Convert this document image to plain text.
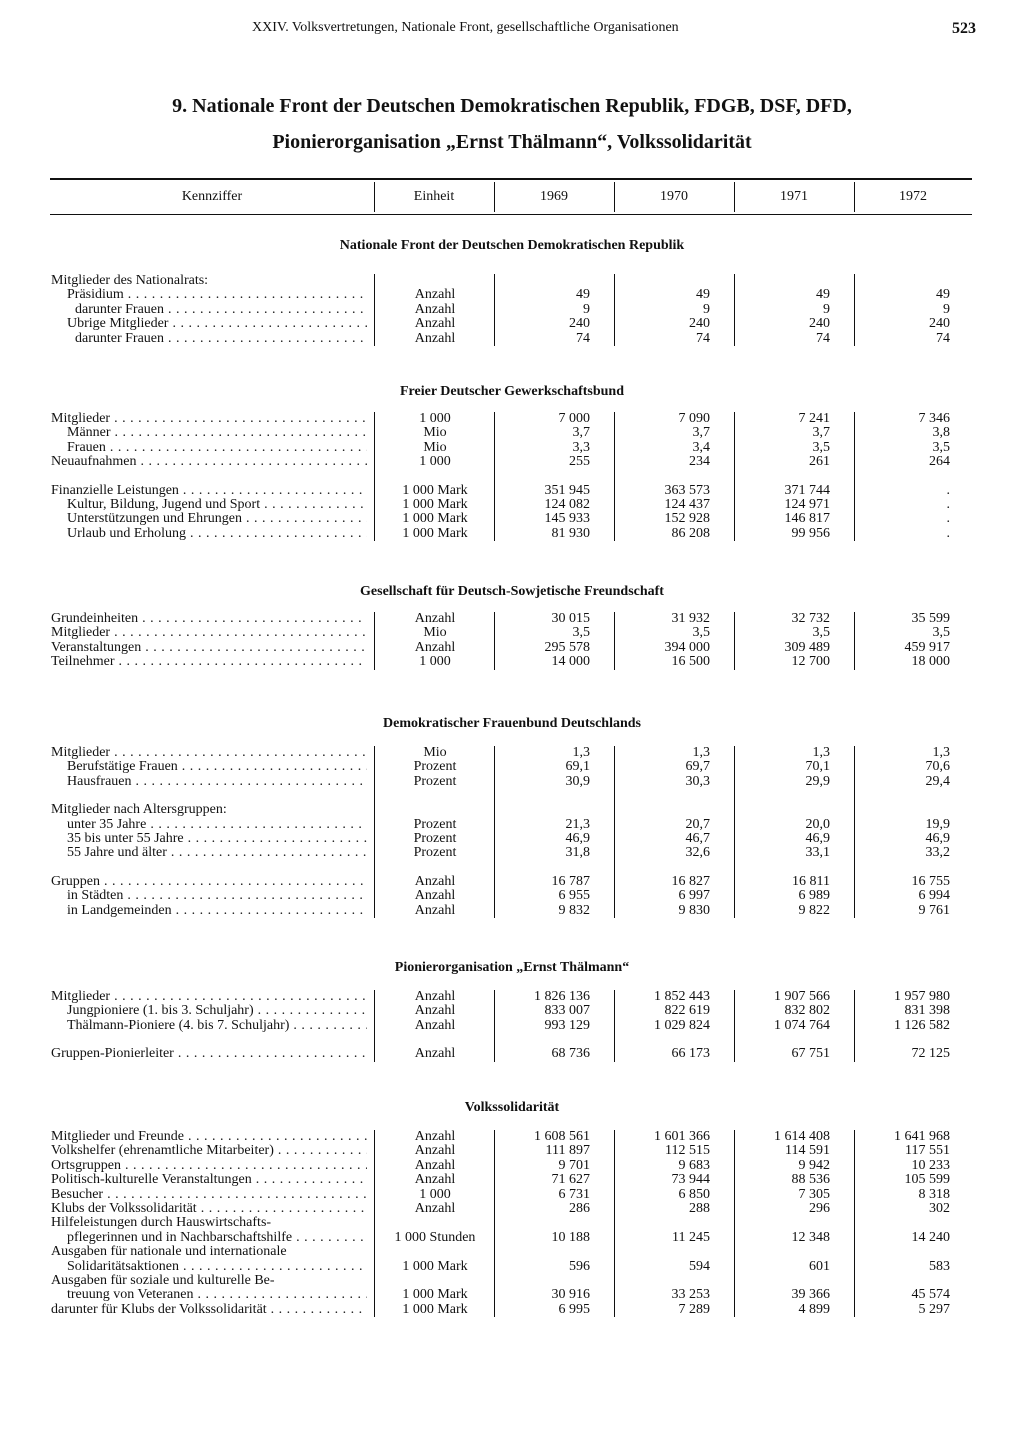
XXIV. Volksvertretungen, Nationale Front, gesellschaftliche Organisationen	523
9. Nationale Front der Deutschen Demokratischen Republik, FDGB, DSF, DFD,
Pionierorganisation „Ernst Thälmann“, Volkssolidarität
Kennziffer	Einheit	1969	1970	1971	1972
Nationale Front der Deutschen Demokratischen Republik
Mitglieder des Nationalrats:
Präsidium . . .	Anzahl	49	49	49	49
darunter Frauen . . .	Anzahl	9	9	9	9
Übrige Mitglieder . . .	Anzahl	240	240	240	240
darunter Frauen . . .	Anzahl	74	74	74	74
Freier Deutscher Gewerkschaftsbund
Mitglieder . . .	1 000	7 000	7 090	7 241	7 346
Männer . . .	Mio	3,7	3,7	3,7	3,8
Frauen . . .	Mio	3,3	3,4	3,5	3,5
Neuaufnahmen . . .	1 000	255	234	261	264
Finanzielle Leistungen . . .	1 000 Mark	351 945	363 573	371 744	.
Kultur, Bildung, Jugend und Sport . . .	1 000 Mark	124 082	124 437	124 971	.
Unterstützungen und Ehrungen . . .	1 000 Mark	145 933	152 928	146 817	.
Urlaub und Erholung . . .	1 000 Mark	81 930	86 208	99 956	.
Gesellschaft für Deutsch-Sowjetische Freundschaft
Grundeinheiten . . .	Anzahl	30 015	31 932	32 732	35 599
Mitglieder . . .	Mio	3,5	3,5	3,5	3,5
Veranstaltungen . . .	Anzahl	295 578	394 000	309 489	459 917
Teilnehmer . . .	1 000	14 000	16 500	12 700	18 000
Demokratischer Frauenbund Deutschlands
Mitglieder . . .	Mio	1,3	1,3	1,3	1,3
Berufstätige Frauen . . .	Prozent	69,1	69,7	70,1	70,6
Hausfrauen . . .	Prozent	30,9	30,3	29,9	29,4
Mitglieder nach Altersgruppen:
unter 35 Jahre . . .	Prozent	21,3	20,7	20,0	19,9
35 bis unter 55 Jahre . . .	Prozent	46,9	46,7	46,9	46,9
55 Jahre und älter . . .	Prozent	31,8	32,6	33,1	33,2
Gruppen . . .	Anzahl	16 787	16 827	16 811	16 755
in Städten . . .	Anzahl	6 955	6 997	6 989	6 994
in Landgemeinden . . .	Anzahl	9 832	9 830	9 822	9 761
Pionierorganisation „Ernst Thälmann“
Mitglieder . . .	Anzahl	1 826 136	1 852 443	1 907 566	1 957 980
Jungpioniere (1. bis 3. Schuljahr) . . .	Anzahl	833 007	822 619	832 802	831 398
Thälmann-Pioniere (4. bis 7. Schuljahr) . . .	Anzahl	993 129	1 029 824	1 074 764	1 126 582
Gruppen-Pionierleiter . . .	Anzahl	68 736	66 173	67 751	72 125
Volkssolidarität
Mitglieder und Freunde . . .	Anzahl	1 608 561	1 601 366	1 614 408	1 641 968
Volkshelfer (ehrenamtliche Mitarbeiter) . . .	Anzahl	111 897	112 515	114 591	117 551
Ortsgruppen . . .	Anzahl	9 701	9 683	9 942	10 233
Politisch-kulturelle Veranstaltungen . . .	Anzahl	71 627	73 944	88 536	105 599
Besucher . . .	1 000	6 731	6 850	7 305	8 318
Klubs der Volkssolidarität . . .	Anzahl	286	288	296	302
Hilfeleistungen durch Hauswirtschafts-
pflegerinnen und in Nachbarschaftshilfe . . .	1 000 Stunden	10 188	11 245	12 348	14 240
Ausgaben für nationale und internationale
Solidaritätsaktionen . . .	1 000 Mark	596	594	601	583
Ausgaben für soziale und kulturelle Be-
treuung von Veteranen . . .	1 000 Mark	30 916	33 253	39 366	45 574
darunter für Klubs der Volkssolidarität . . .	1 000 Mark	6 995	7 289	4 899	5 297
